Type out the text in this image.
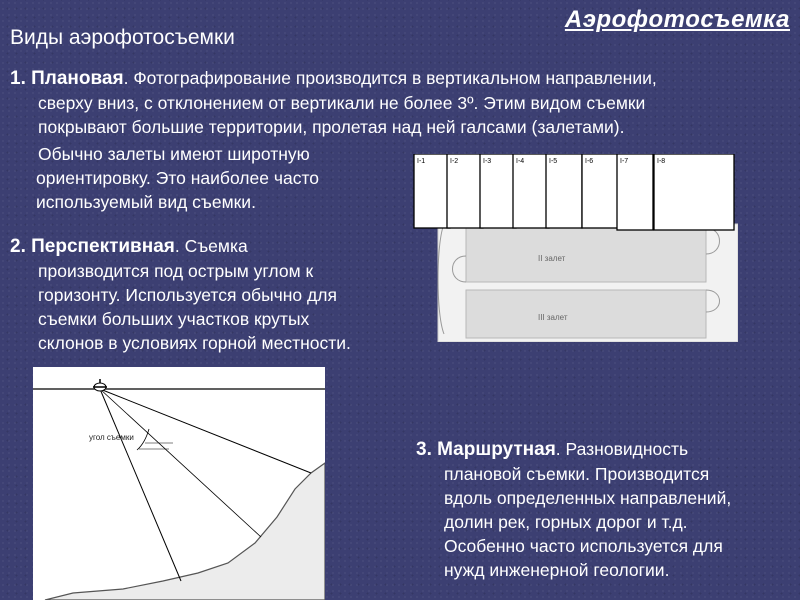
Аэрофотосъемка
Виды аэрофотосъемки

1. Плановая. Фотографирование производится в вертикальном направлении,
сверху вниз, с отклонением от вертикали не более 3º. Этим видом съемки
покрывают большие территории, пролетая над ней галсами (залетами).

Обычно залеты имеют широтную
ориентировку. Это наиболее часто
используемый вид съемки.

2. Перспективная. Съемка
производится под острым углом к
горизонту. Используется обычно для
съемки больших участков крутых
склонов в условиях горной местности.

3. Маршрутная. Разновидность
плановой съемки. Производится
вдоль определенных направлений,
долин рек, горных дорог и т.д.
Особенно часто используется для
нужд инженерной геологии.

II залет
III залет
I-1	I-2	I-3	I-4	I-5	I-6	I-7	I-8
угол съемки
